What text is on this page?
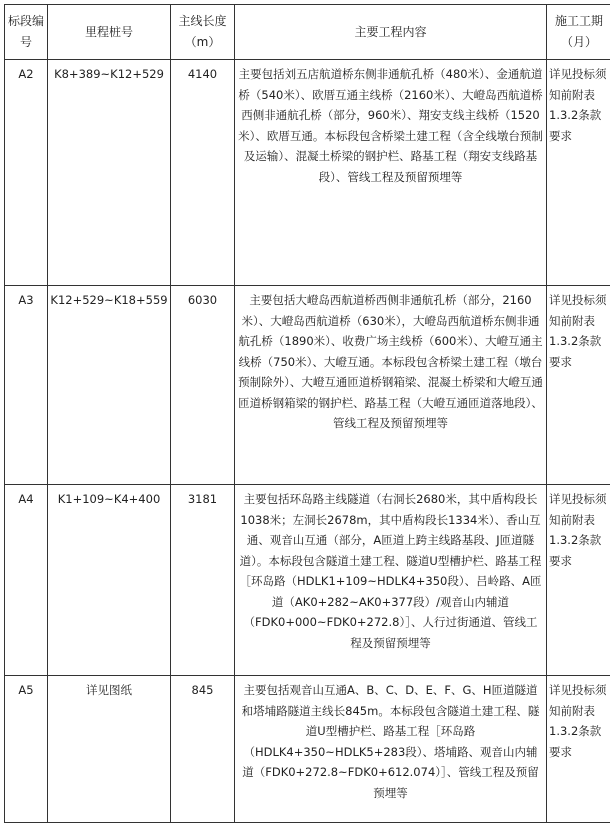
标段编号	里程桩号	主线长度（m）	主要工程内容	施工工期（月）
A2	K8+389~K12+529	4140	主要包括刘五店航道桥东侧非通航孔桥（480米）、金通航道桥（540米）、欧厝互通主线桥（2160米）、大嶝岛西航道桥西侧非通航孔桥（部分，960米）、翔安支线主线桥（1520米）、欧厝互通。本标段包含桥梁土建工程（含全线墩台预制及运输）、混凝土桥梁的钢护栏、路基工程（翔安支线路基段）、管线工程及预留预埋等	详见投标须知前附表1.3.2条款要求
A3	K12+529~K18+559	6030	主要包括大嶝岛西航道桥西侧非通航孔桥（部分，2160米）、大嶝岛西航道桥（630米），大嶝岛西航道桥东侧非通航孔桥（1890米）、收费广场主线桥（600米）、大嶝互通主线桥（750米）、大嶝互通。本标段包含桥梁土建工程（墩台预制除外）、大嶝互通匝道桥钢箱梁、混凝土桥梁和大嶝互通匝道桥钢箱梁的钢护栏、路基工程（大嶝互通匝道落地段）、管线工程及预留预埋等	详见投标须知前附表1.3.2条款要求
A4	K1+109~K4+400	3181	主要包括环岛路主线隧道（右洞长2680米，其中盾构段长1038米；左洞长2678m，其中盾构段长1334米）、香山互通、观音山互通（部分，A匝道上跨主线路基段、J匝道隧道）。本标段包含隧道土建工程、隧道U型槽护栏、路基工程［环岛路（HDLK1+109~HDLK4+350段）、吕岭路、A匝道（AK0+282~AK0+377段）/观音山内辅道（FDK0+000~FDK0+272.8）］、人行过街通道、管线工程及预留预埋等	详见投标须知前附表1.3.2条款要求
A5	详见图纸	845	主要包括观音山互通A、B、C、D、E、F、G、H匝道隧道和塔埔路隧道主线长845m。本标段包含隧道土建工程、隧道U型槽护栏、路基工程［环岛路（HDLK4+350~HDLK5+283段）、塔埔路、观音山内辅道（FDK0+272.8~FDK0+612.074）］、管线工程及预留预埋等	详见投标须知前附表1.3.2条款要求
